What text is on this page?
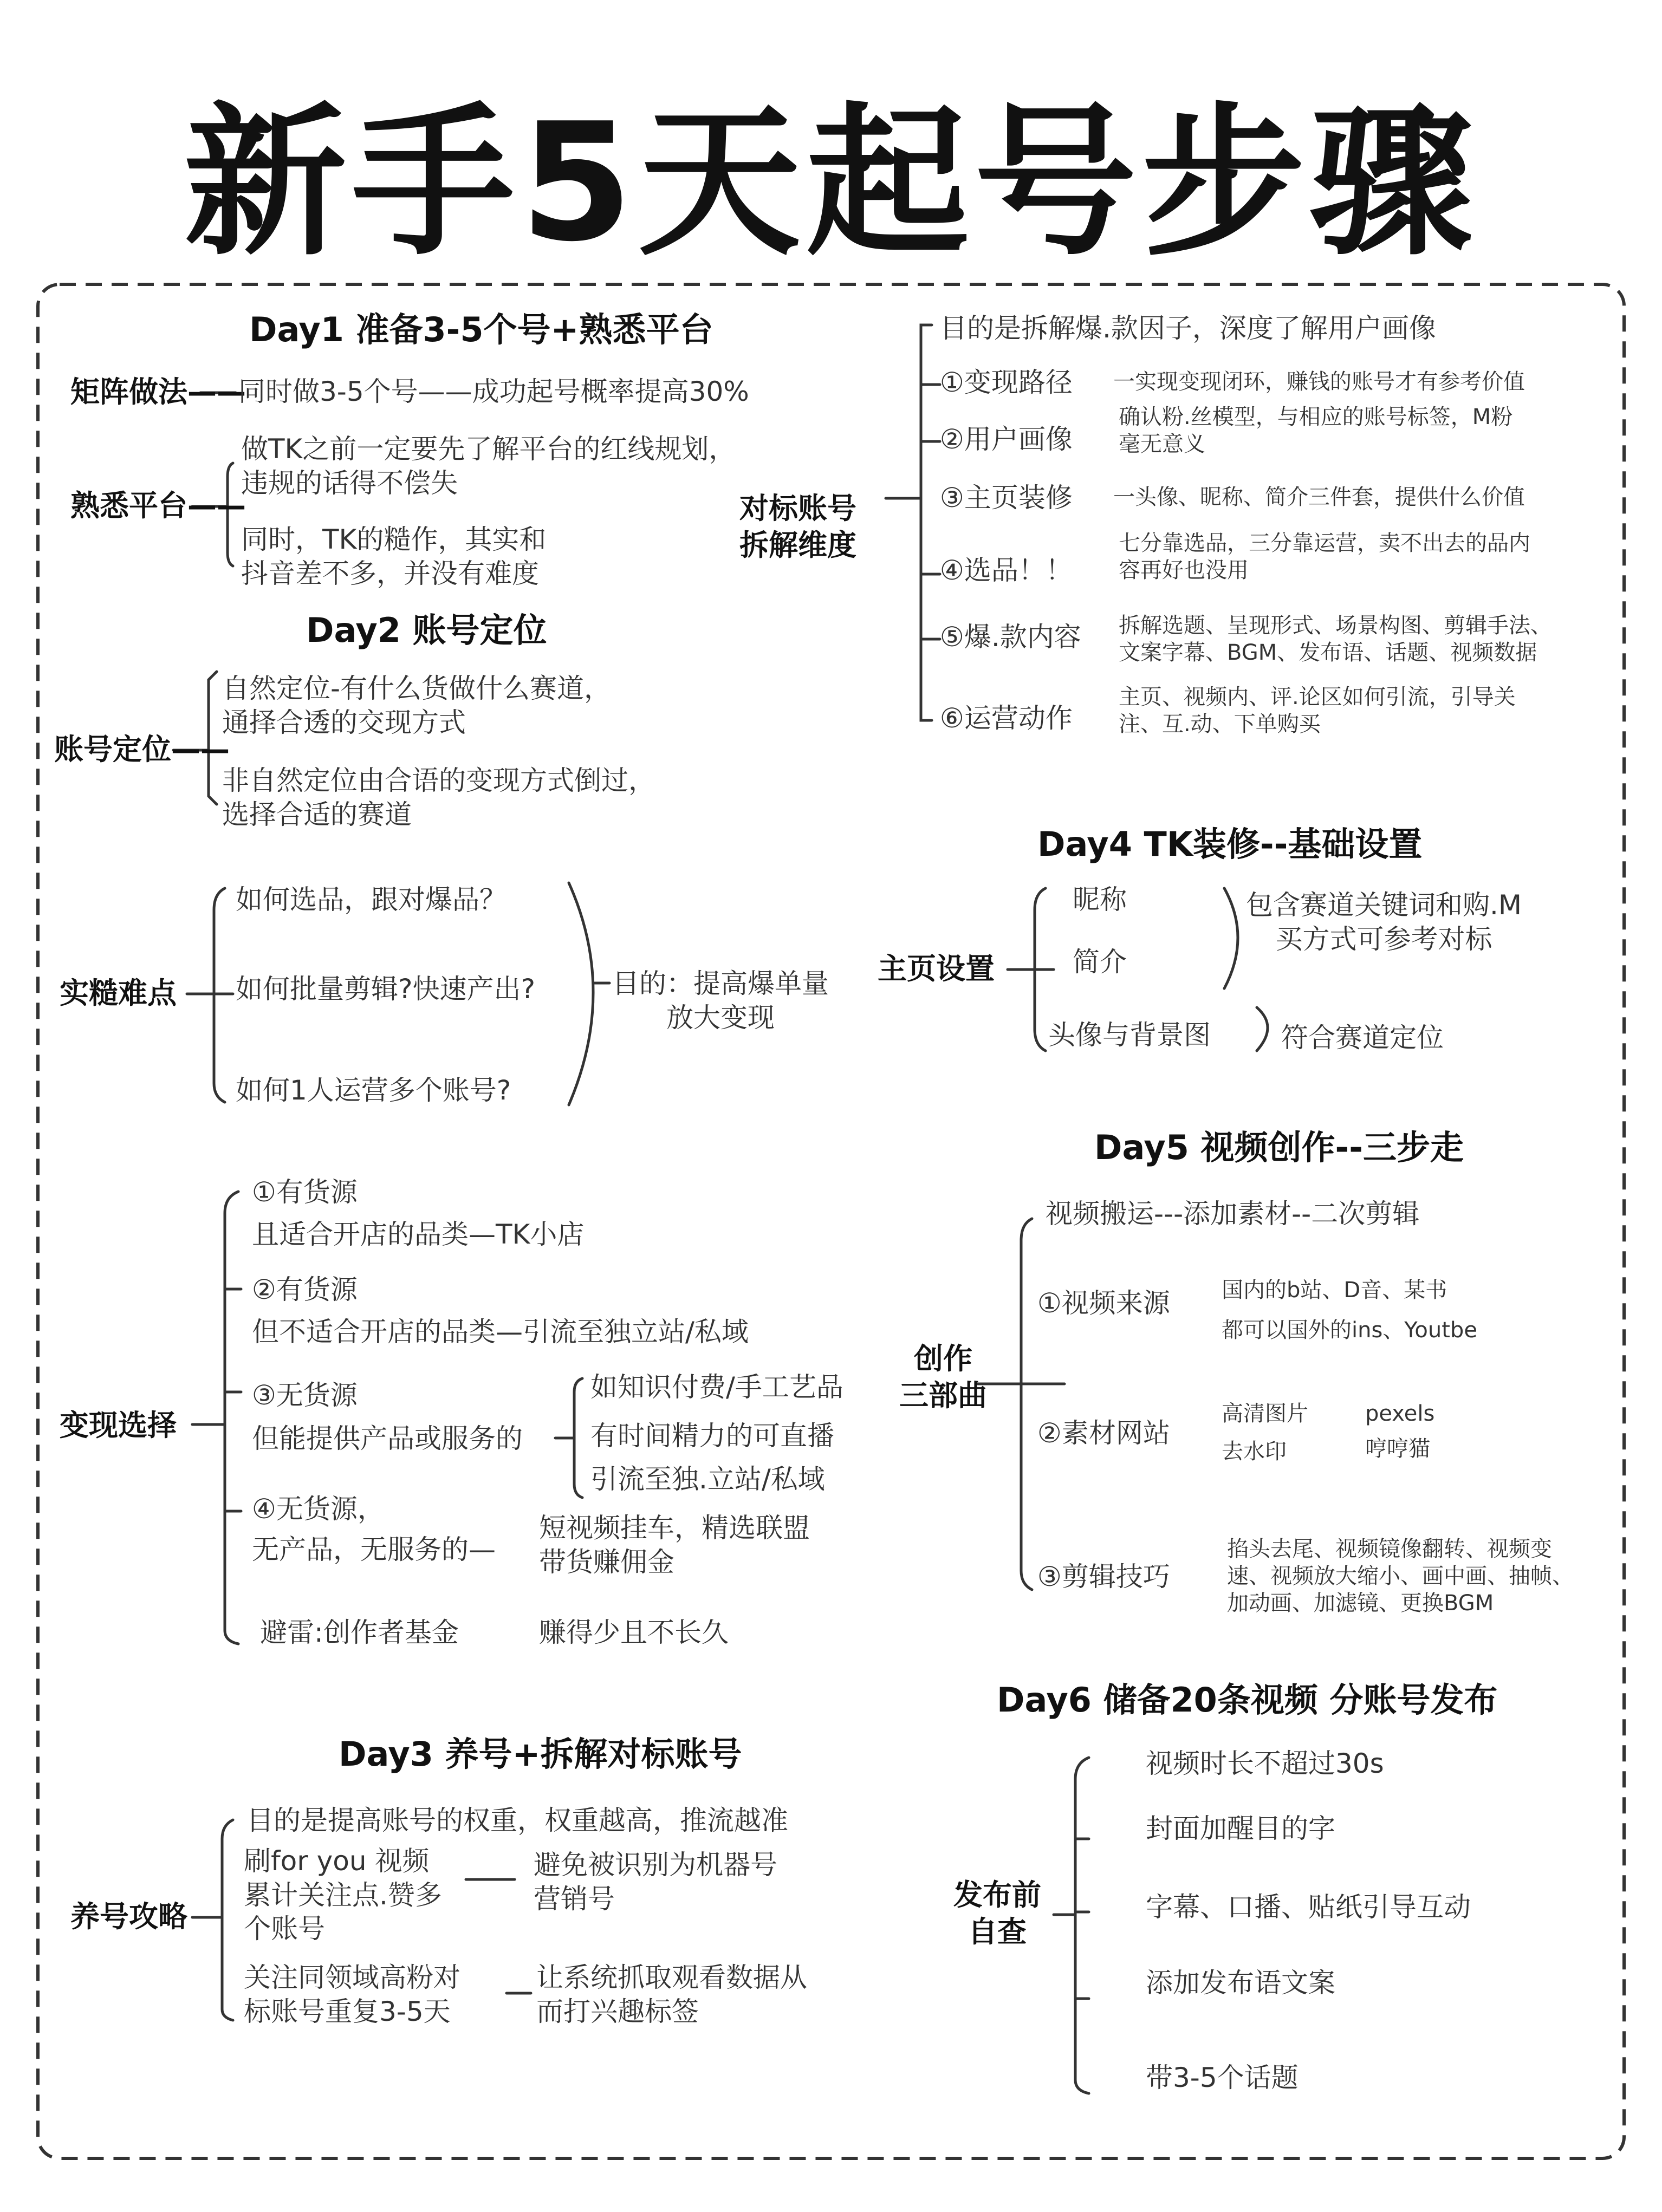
新手5天起号步骤
Day1 准备3-5个号+熟悉平台
矩阵做法——
同时做3-5个号——成功起号概率提高30%
熟悉平台——
做TK之前一定要先了解平台的红线规划，
违规的话得不偿失
同时，TK的糙作，其实和
抖音差不多，并没有难度
Day2 账号定位
账号定位——
自然定位-有什么货做什么赛道，
通择合透的交现方式
非自然定位由合语的变现方式倒过，
选择合适的赛道
实糙难点
如何选品，跟对爆品？
如何批量剪辑?快速产出?
如何1人运营多个账号?
目的：提高爆单量
放大变现
变现选择
①有货源
且适合开店的品类—TK小店
②有货源
但不适合开店的品类—引流至独立站/私域
③无货源
但能提供产品或服务的
如知识付费/手工艺品
有时间精力的可直播
引流至独.立站/私域
④无货源，
无产品，无服务的—
短视频挂车，精选联盟
带货赚佣金
避雷:创作者基金	赚得少且不长久
Day3 养号+拆解对标账号
养号攻略
目的是提高账号的权重，权重越高，推流越准
刷for you 视频
累计关注点.赞多
个账号
避免被识别为机器号
营销号
关注同领域高粉对
标账号重复3-5天
让系统抓取观看数据从
而打兴趣标签
对标账号
拆解维度
目的是拆解爆.款因子，深度了解用户画像
①变现路径 一实现变现闭环，赚钱的账号才有参考价值
②用户画像
确认粉.丝模型，与相应的账号标签，M粉
毫无意义
③主页装修 一头像、昵称、简介三件套，提供什么价值
④选品！！
七分靠选品，三分靠运营，卖不出去的品内
容再好也没用
⑤爆.款内容 拆解选题、呈现形式、场景构图、剪辑手法、
文案字幕、BGM、发布语、话题、视频数据
⑥运营动作
主页、视频内、评.论区如何引流，引导关
注、互.动、下单购买
Day4 TK装修--基础设置
主页设置
昵称
简介
头像与背景图
包含赛道关键词和购.M
买方式可参考对标
符合赛道定位
Day5 视频创作--三步走
创作
三部曲
视频搬运---添加素材--二次剪辑
①视频来源 国内的b站、D音、某书
都可以国外的ins、Youtbe
②素材网站
高清图片	pexels
去水印	哼哼猫
③剪辑技巧
掐头去尾、视频镜像翻转、视频变
速、视频放大缩小、画中画、抽帧、
加动画、加滤镜、更换BGM
Day6 储备20条视频 分账号发布
发布前
自查
视频时长不超过30s
封面加醒目的字
字幕、口播、贴纸引导互动
添加发布语文案
带3-5个话题
